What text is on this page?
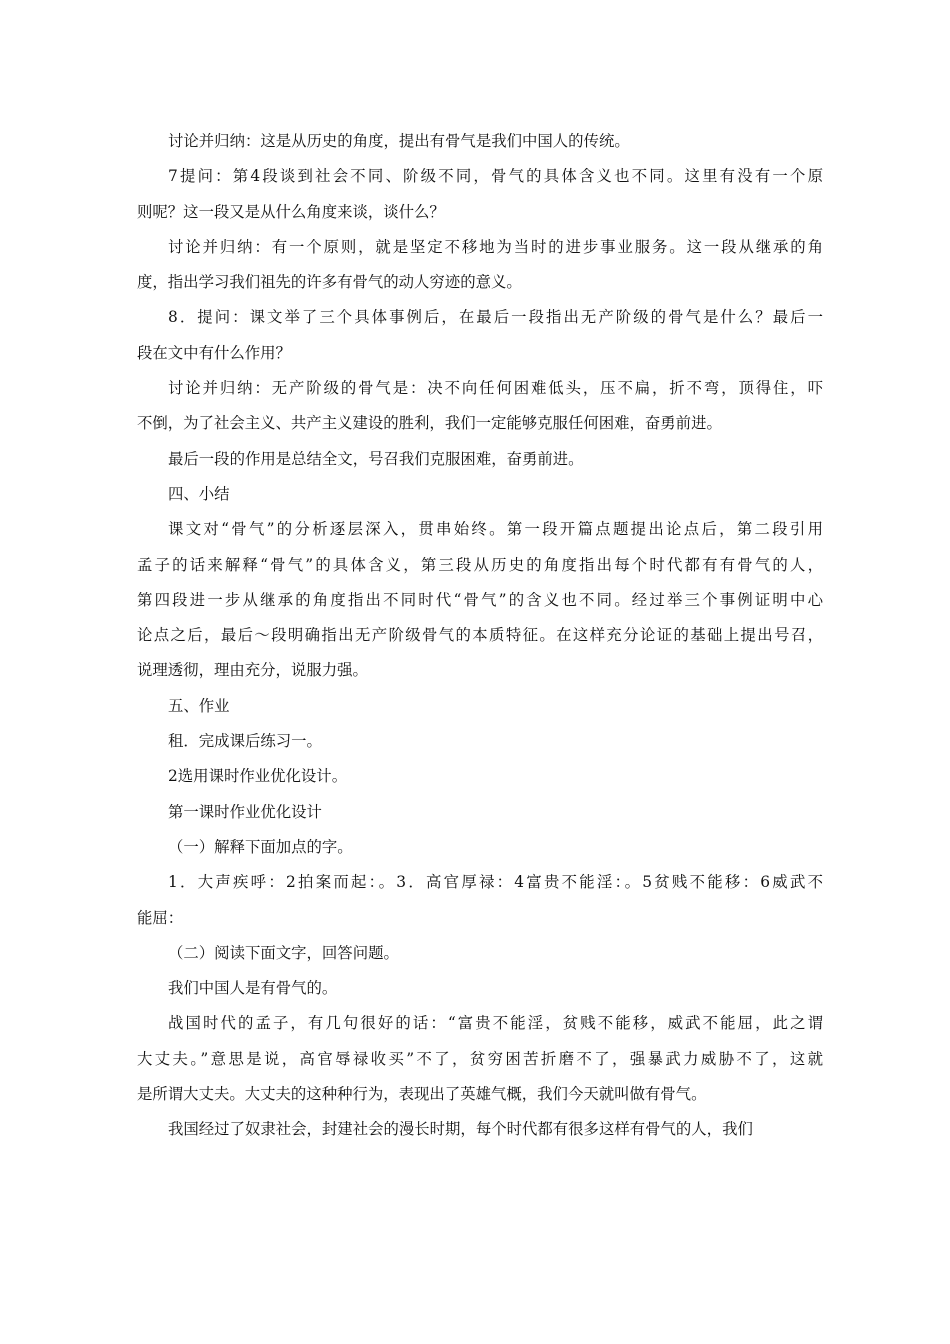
讨论并归纳：这是从历史的角度，提出有骨气是我们中国人的传统。

7提问：第4段谈到社会不同、阶级不同，骨气的具体含义也不同。这里有没有一个原
则呢？这一段又是从什么角度来谈，谈什么？

讨论并归纳：有一个原则，就是坚定不移地为当时的进步事业服务。这一段从继承的角
度，指出学习我们祖先的许多有骨气的动人穷迹的意义。

8．提问：课文举了三个具体事例后，在最后一段指出无产阶级的骨气是什么？最后一
段在文中有什么作用？

讨论并归纳：无产阶级的骨气是：决不向任何困难低头，压不扁，折不弯，顶得住，吓
不倒，为了社会主义、共产主义建设的胜利，我们一定能够克服任何困难，奋勇前进。

最后一段的作用是总结全文，号召我们克服困难，奋勇前进。

四、小结

课文对“骨气”的分析逐层深入，贯串始终。第一段开篇点题提出论点后，第二段引用
孟子的话来解释“骨气”的具体含义，第三段从历史的角度指出每个时代都有有骨气的人，
第四段进一步从继承的角度指出不同时代“骨气”的含义也不同。经过举三个事例证明中心
论点之后，最后～段明确指出无产阶级骨气的本质特征。在这样充分论证的基础上提出号召，
说理透彻，理由充分，说服力强。

五、作业

租．完成课后练习一。

2选用课时作业优化设计。

第一课时作业优化设计

（一）解释下面加点的字。

1．大声疾呼：2拍案而起：。3．高官厚禄：4富贵不能淫：。5贫贱不能移：6威武不
能屈：

（二）阅读下面文字，回答问题。

我们中国人是有骨气的。

战国时代的孟子，有几句很好的话：“富贵不能淫，贫贱不能移，威武不能屈，此之谓
大丈夫。”意思是说，高官辱禄收买”不了，贫穷困苦折磨不了，强暴武力威胁不了，这就
是所谓大丈夫。大丈夫的这种种行为，表现出了英雄气概，我们今天就叫做有骨气。

我国经过了奴隶社会，封建社会的漫长时期，每个时代都有很多这样有骨气的人，我们
